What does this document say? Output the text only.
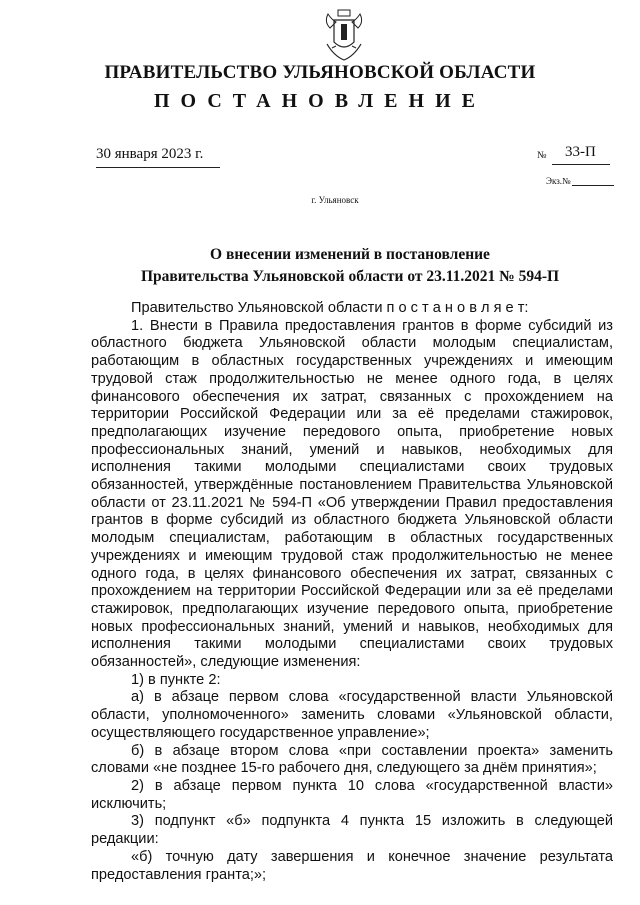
ПРАВИТЕЛЬСТВО УЛЬЯНОВСКОЙ ОБЛАСТИ
ПОСТАНОВЛЕНИЕ
30 января 2023 г.	№ 33-П
Экз.№
г. Ульяновск
О внесении изменений в постановление
Правительства Ульяновской области от 23.11.2021 № 594-П

Правительство Ульяновской области п о с т а н о в л я е т:

1. Внести в Правила предоставления грантов в форме субсидий из областного бюджета Ульяновской области молодым специалистам, работающим в областных государственных учреждениях и имеющим трудовой стаж продолжительностью не менее одного года, в целях финансового обеспечения их затрат, связанных с прохождением на территории Российской Федерации или за её пределами стажировок, предполагающих изучение передового опыта, приобретение новых профессиональных знаний, умений и навыков, необходимых для исполнения такими молодыми специалистами своих трудовых обязанностей, утверждённые постановлением Правительства Ульяновской области от 23.11.2021 № 594-П «Об утверждении Правил предоставления грантов в форме субсидий из областного бюджета Ульяновской области молодым специалистам, работающим в областных государственных учреждениях и имеющим трудовой стаж продолжительностью не менее одного года, в целях финансового обеспечения их затрат, связанных с прохождением на территории Российской Федерации или за её пределами стажировок, предполагающих изучение передового опыта, приобретение новых профессиональных знаний, умений и навыков, необходимых для исполнения такими молодыми специалистами своих трудовых обязанностей», следующие изменения:

1) в пункте 2:

а) в абзаце первом слова «государственной власти Ульяновской области, уполномоченного» заменить словами «Ульяновской области, осуществляющего государственное управление»;

б) в абзаце втором слова «при составлении проекта» заменить словами «не позднее 15-го рабочего дня, следующего за днём принятия»;

2) в абзаце первом пункта 10 слова «государственной власти» исключить;

3) подпункт «б» подпункта 4 пункта 15 изложить в следующей редакции:

«б) точную дату завершения и конечное значение результата предоставления гранта;»;
